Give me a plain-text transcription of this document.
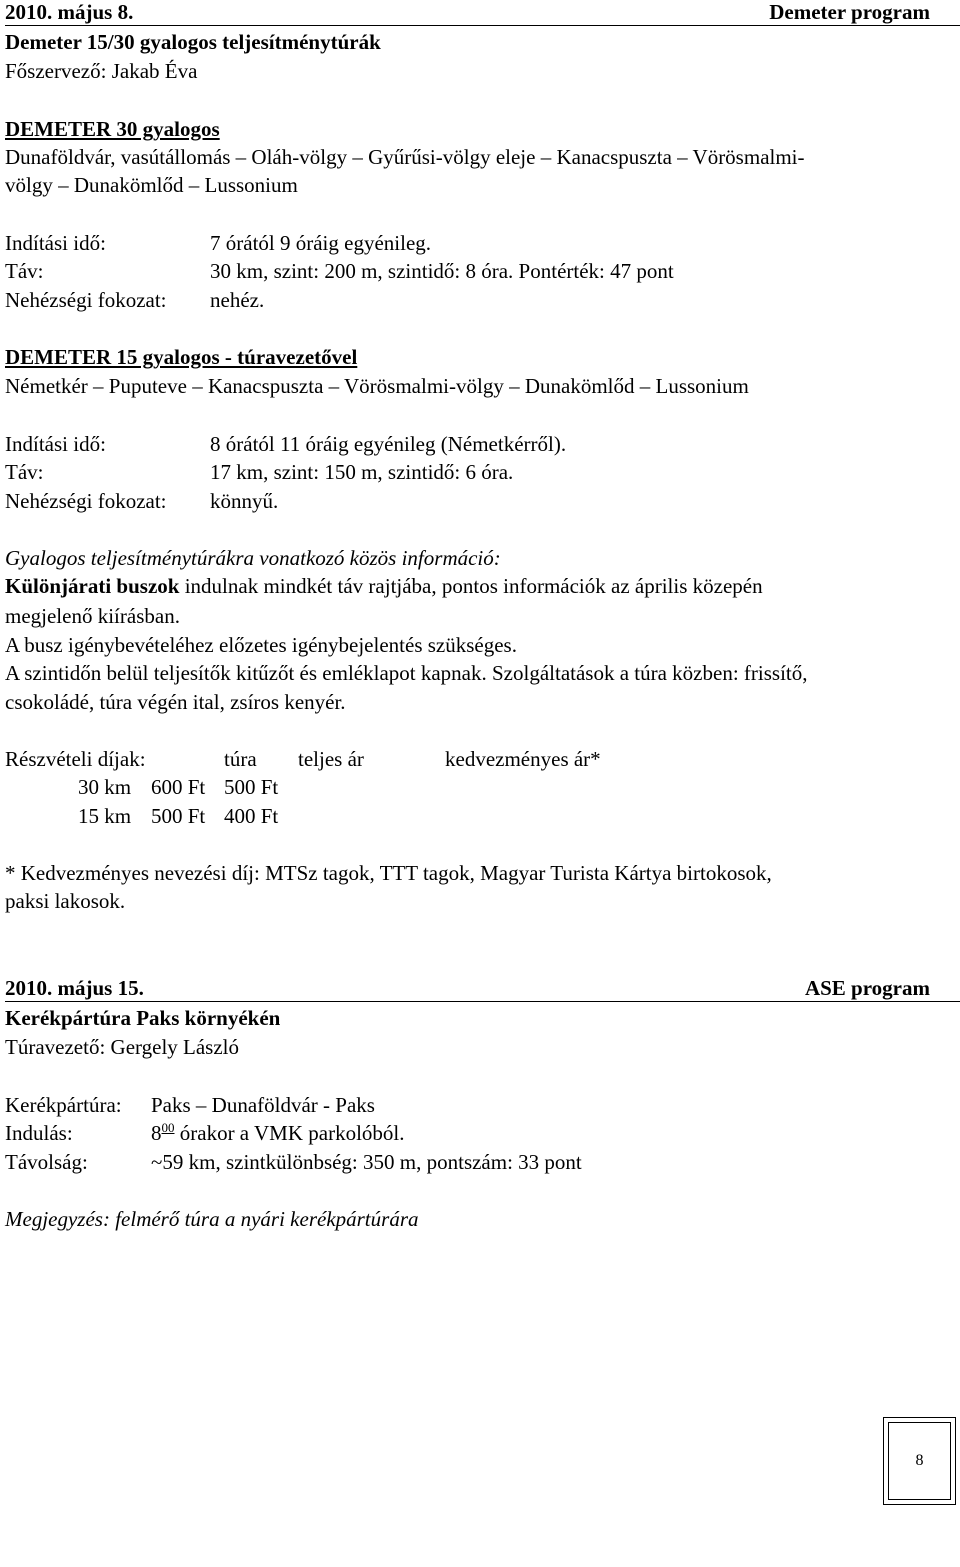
2010. május 8.	Demeter program
Demeter 15/30 gyalogos teljesítménytúrák
Főszervező: Jakab Éva
DEMETER 30 gyalogos
Dunaföldvár, vasútállomás – Oláh-völgy – Gyűrűsi-völgy eleje – Kanacspuszta – Vörösmalmi-
völgy – Dunakömlőd – Lussonium
Indítási idő:	7 órától 9 óráig egyénileg.
Táv:	30 km, szint: 200 m, szintidő: 8 óra. Pontérték: 47 pont
Nehézségi fokozat: nehéz.
DEMETER 15 gyalogos - túravezetővel
Németkér – Puputeve – Kanacspuszta – Vörösmalmi-völgy – Dunakömlőd – Lussonium
Indítási idő:	8 órától 11 óráig egyénileg (Németkérről).
Táv:	17 km, szint: 150 m, szintidő: 6 óra.
Nehézségi fokozat: könnyű.
Gyalogos teljesítménytúrákra vonatkozó közös információ:
Különjárati buszok indulnak mindkét táv rajtjába, pontos információk az április közepén
megjelenő kiírásban.
A busz igénybevételéhez előzetes igénybejelentés szükséges.
A szintidőn belül teljesítők kitűzőt és emléklapot kapnak. Szolgáltatások a túra közben: frissítő,
csokoládé, túra végén ital, zsíros kenyér.
Részvételi díjak:	túra teljes ár	kedvezményes ár*
30 km 600 Ft 500 Ft
15 km 500 Ft 400 Ft
* Kedvezményes nevezési díj: MTSz tagok, TTT tagok, Magyar Turista Kártya birtokosok,
paksi lakosok.
2010. május 15.	ASE program
Kerékpártúra Paks környékén
Túravezető: Gergely László
Kerékpártúra: Paks – Dunaföldvár - Paks
Indulás:	$8^{00}$ órakor a VMK parkolóból.
Távolság:	~59 km, szintkülönbség: 350 m, pontszám: 33 pont
Megjegyzés: felmérő túra a nyári kerékpártúrára
8
